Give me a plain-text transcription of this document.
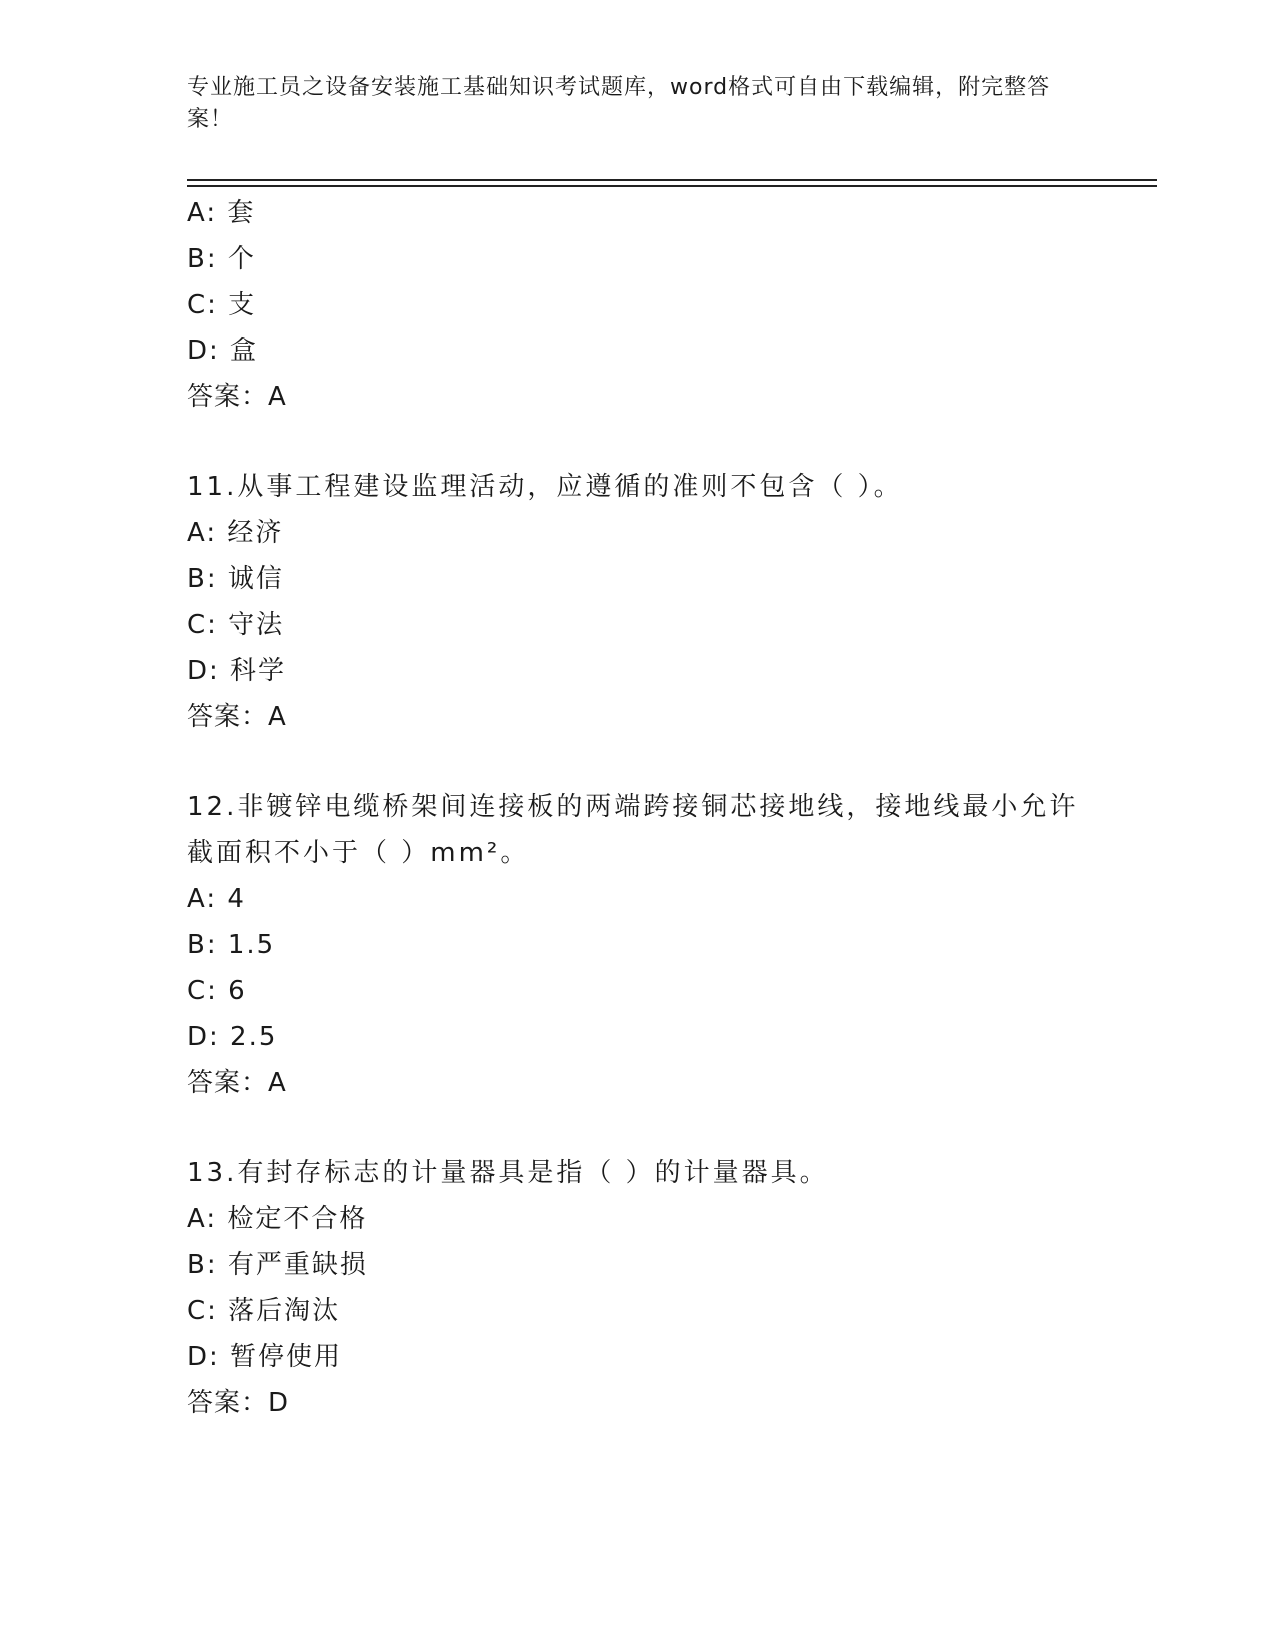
专业施工员之设备安装施工基础知识考试题库，word格式可自由下载编辑，附完整答案！
A: 套
B: 个
C: 支
D: 盒
答案：A
11.从事工程建设监理活动，应遵循的准则不包含（ ）。
A: 经济
B: 诚信
C: 守法
D: 科学
答案：A
12.非镀锌电缆桥架间连接板的两端跨接铜芯接地线，接地线最小允许截面积不小于（ ）mm²。
A: 4
B: 1.5
C: 6
D: 2.5
答案：A
13.有封存标志的计量器具是指（ ）的计量器具。
A: 检定不合格
B: 有严重缺损
C: 落后淘汰
D: 暂停使用
答案：D
